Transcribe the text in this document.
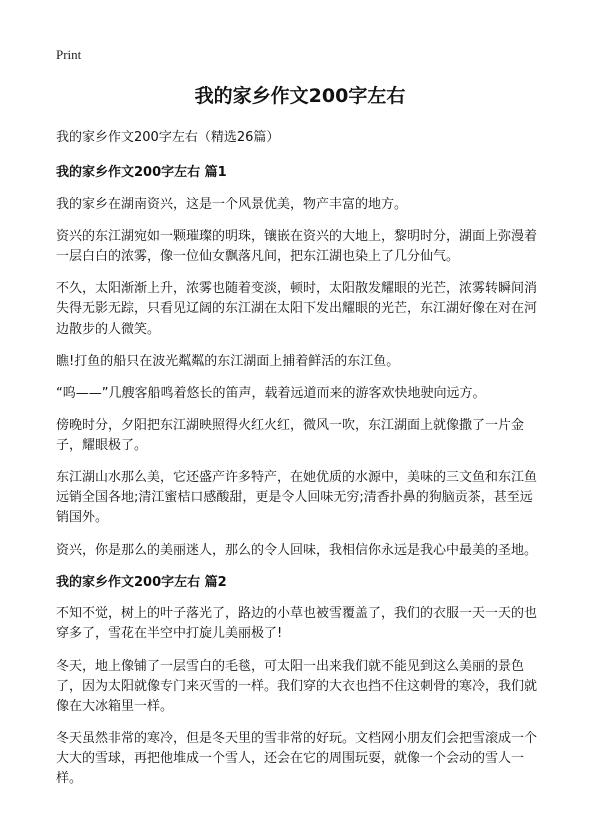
Print
我的家乡作文200字左右

我的家乡作文200字左右（精选26篇）

我的家乡作文200字左右 篇1

我的家乡在湖南资兴，这是一个风景优美，物产丰富的地方。

资兴的东江湖宛如一颗璀璨的明珠，镶嵌在资兴的大地上，黎明时分，湖面上弥漫着一层白白的浓雾，像一位仙女飘落凡间，把东江湖也染上了几分仙气。

不久，太阳渐渐上升，浓雾也随着变淡，顿时，太阳散发耀眼的光芒，浓雾转瞬间消失得无影无踪，只看见辽阔的东江湖在太阳下发出耀眼的光芒，东江湖好像在对在河边散步的人微笑。

瞧!打鱼的船只在波光粼粼的东江湖面上捕着鲜活的东江鱼。

“呜——”几艘客船鸣着悠长的笛声，载着远道而来的游客欢快地驶向远方。

傍晚时分，夕阳把东江湖映照得火红火红，微风一吹，东江湖面上就像撒了一片金子，耀眼极了。

东江湖山水那么美，它还盛产许多特产，在她优质的水源中，美味的三文鱼和东江鱼远销全国各地;清江蜜桔口感酸甜，更是令人回味无穷;清香扑鼻的狗脑贡茶，甚至远销国外。

资兴，你是那么的美丽迷人，那么的令人回味，我相信你永远是我心中最美的圣地。

我的家乡作文200字左右 篇2

不知不觉，树上的叶子落光了，路边的小草也被雪覆盖了，我们的衣服一天一天的也穿多了，雪花在半空中打旋儿美丽极了!

冬天，地上像铺了一层雪白的毛毯，可太阳一出来我们就不能见到这么美丽的景色了，因为太阳就像专门来灭雪的一样。我们穿的大衣也挡不住这刺骨的寒冷，我们就像在大冰箱里一样。

冬天虽然非常的寒冷，但是冬天里的雪非常的好玩。文档网小朋友们会把雪滚成一个大大的雪球，再把他堆成一个雪人，还会在它的周围玩耍，就像一个会动的雪人一样。
